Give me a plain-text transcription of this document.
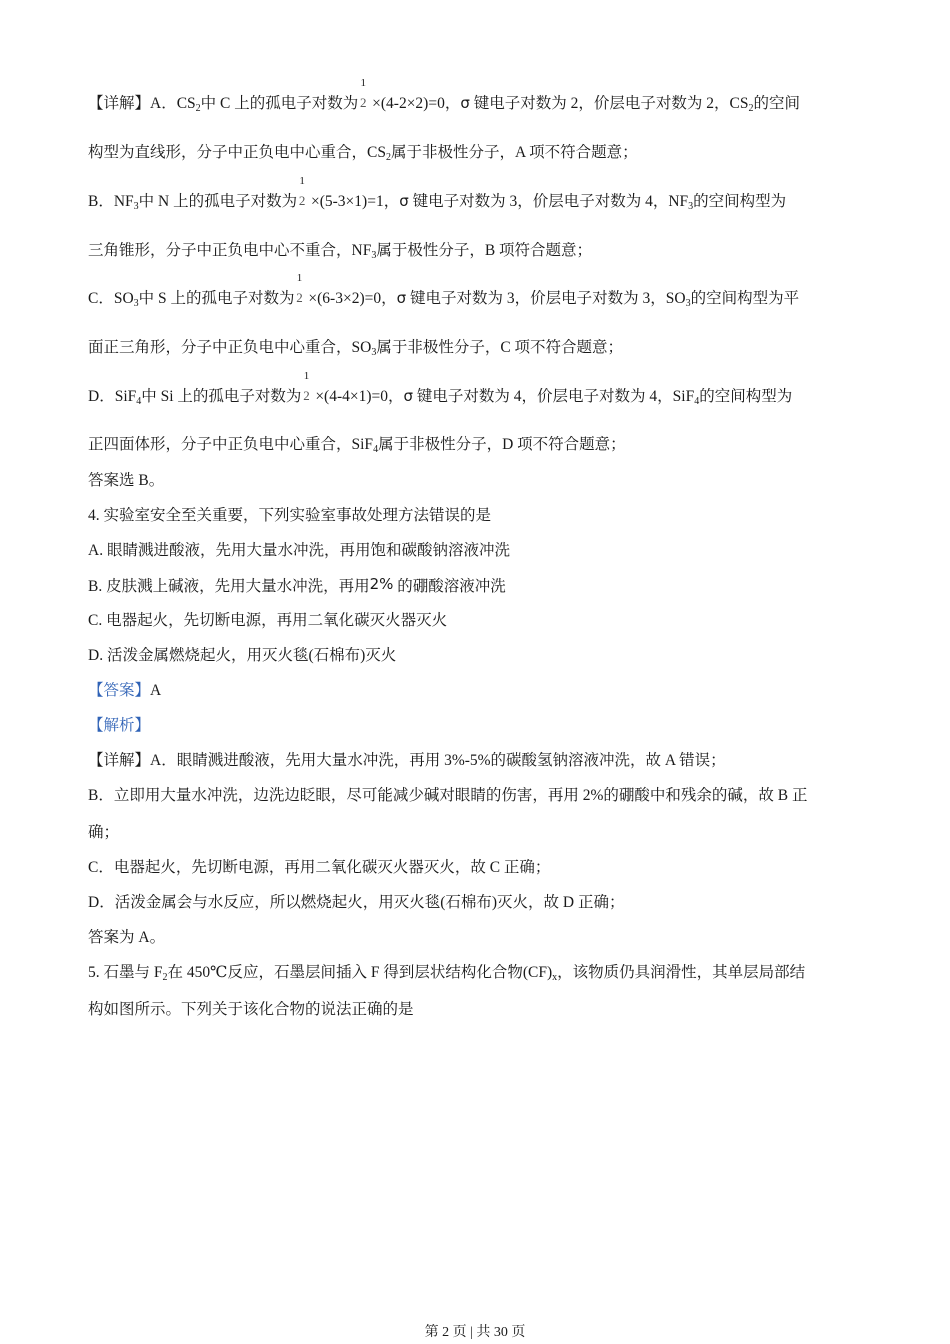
【详解】A．$CS_2$中 C 上的孤电子对数为
1
2 ×(4-2×2)=0，σ 键电子对数为 2，价层电子对数为 2，$CS_2$的空间
构型为直线形，分子中正负电中心重合，$CS_2$属于非极性分子，A 项不符合题意；
B．$NF_3$中 N 上的孤电子对数为
1
2 ×(5-3×1)=1，σ 键电子对数为 3，价层电子对数为 4，$NF_3$的空间构型为
三角锥形，分子中正负电中心不重合，$NF_3$属于极性分子，B 项符合题意；
C．$SO_3$中 S 上的孤电子对数为
1
2 ×(6-3×2)=0，σ 键电子对数为 3，价层电子对数为 3，$SO_3$的空间构型为平
面正三角形，分子中正负电中心重合，$SO_3$属于非极性分子，C 项不符合题意；
D．SiF$_4$中 Si 上的孤电子对数为
1
2 ×(4-4×1)=0，σ 键电子对数为 4，价层电子对数为 4，SiF$_4$的空间构型为
正四面体形，分子中正负电中心重合，SiF$_4$属于非极性分子，D 项不符合题意；
答案选 B。
4. 实验室安全至关重要，下列实验室事故处理方法错误的是
A. 眼睛溅进酸液，先用大量水冲洗，再用饱和碳酸钠溶液冲洗
B. 皮肤溅上碱液，先用大量水冲洗，再用2% 的硼酸溶液冲洗
C. 电器起火，先切断电源，再用二氧化碳灭火器灭火
D. 活泼金属燃烧起火，用灭火毯(石棉布)灭火
【答案】A
【解析】
【详解】A．眼睛溅进酸液，先用大量水冲洗，再用 3%-5%的碳酸氢钠溶液冲洗，故 A 错误；
B．立即用大量水冲洗，边洗边眨眼，尽可能减少碱对眼睛的伤害，再用 2%的硼酸中和残余的碱，故 B 正
确；
C．电器起火，先切断电源，再用二氧化碳灭火器灭火，故 C 正确；
D．活泼金属会与水反应，所以燃烧起火，用灭火毯(石棉布)灭火，故 D 正确；
答案为 A。
5. 石墨与 $F_2$在 450℃反应，石墨层间插入 F 得到层状结构化合物$(CF)_x$，该物质仍具润滑性，其单层局部结
构如图所示。下列关于该化合物的说法正确的是
第 2 页 | 共 30 页
